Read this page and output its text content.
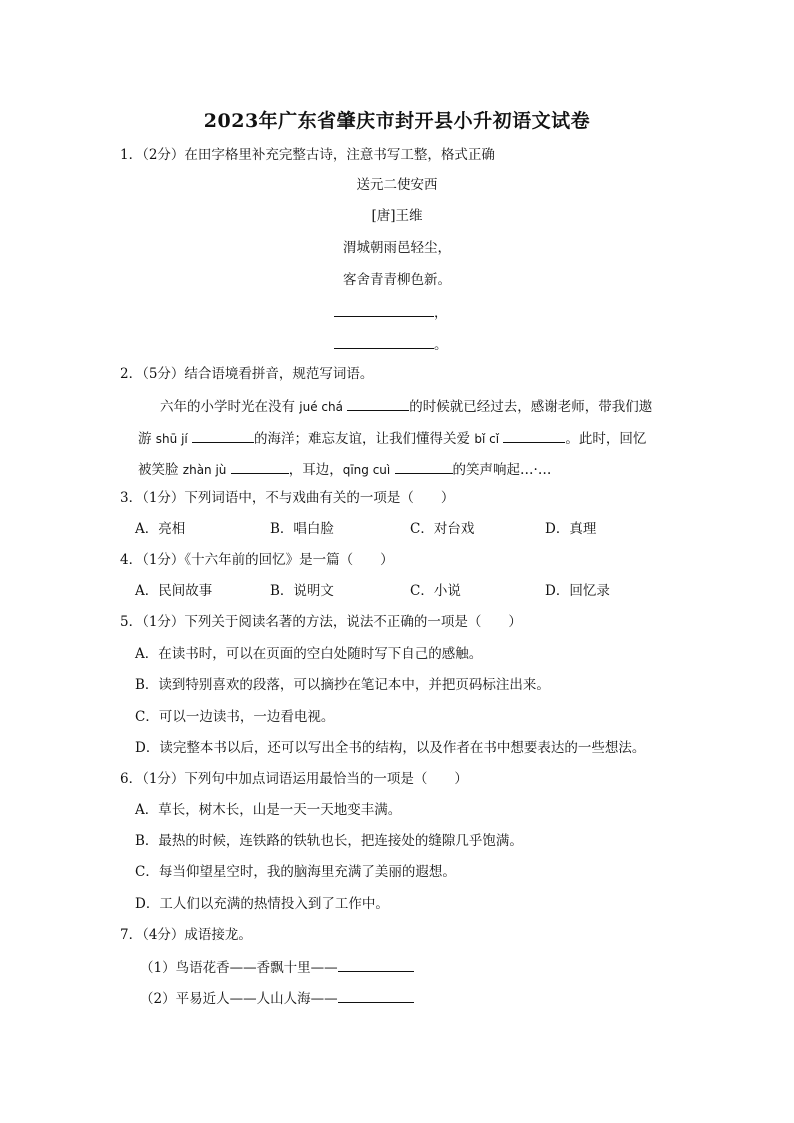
2023年广东省肇庆市封开县小升初语文试卷
1．（2分）在田字格里补充完整古诗，注意书写工整，格式正确
送元二使安西
[唐]王维
渭城朝雨邑轻尘，
客舍青青柳色新。
，
。
2．（5分）结合语境看拼音，规范写词语。
六年的小学时光在没有 jué chá	的时候就已经过去，感谢老师，带我们遨
游 shū jí	的海洋；难忘友谊，让我们懂得关爱 bǐ cǐ	。此时，回忆
被笑脸 zhàn jù	，耳边，qīng cuì	的笑声响起…·…
3．（1分）下列词语中，不与戏曲有关的一项是（　　）
A．亮相	B．唱白脸	C．对台戏	D．真理
4．（1分）《十六年前的回忆》是一篇（　　）
A．民间故事	B．说明文	C．小说	D．回忆录
5．（1分）下列关于阅读名著的方法，说法不正确的一项是（　　）
A．在读书时，可以在页面的空白处随时写下自己的感触。
B．读到特别喜欢的段落，可以摘抄在笔记本中，并把页码标注出来。
C．可以一边读书，一边看电视。
D．读完整本书以后，还可以写出全书的结构，以及作者在书中想要表达的一些想法。
6．（1分）下列句中加点词语运用最恰当的一项是（　　）
A．草长，树木长，山是一天一天地变丰满。
B．最热的时候，连铁路的铁轨也长，把连接处的缝隙几乎饱满。
C．每当仰望星空时，我的脑海里充满了美丽的遐想。
D．工人们以充满的热情投入到了工作中。
7．（4分）成语接龙。
（1）鸟语花香——香飘十里——
（2）平易近人——人山人海——
